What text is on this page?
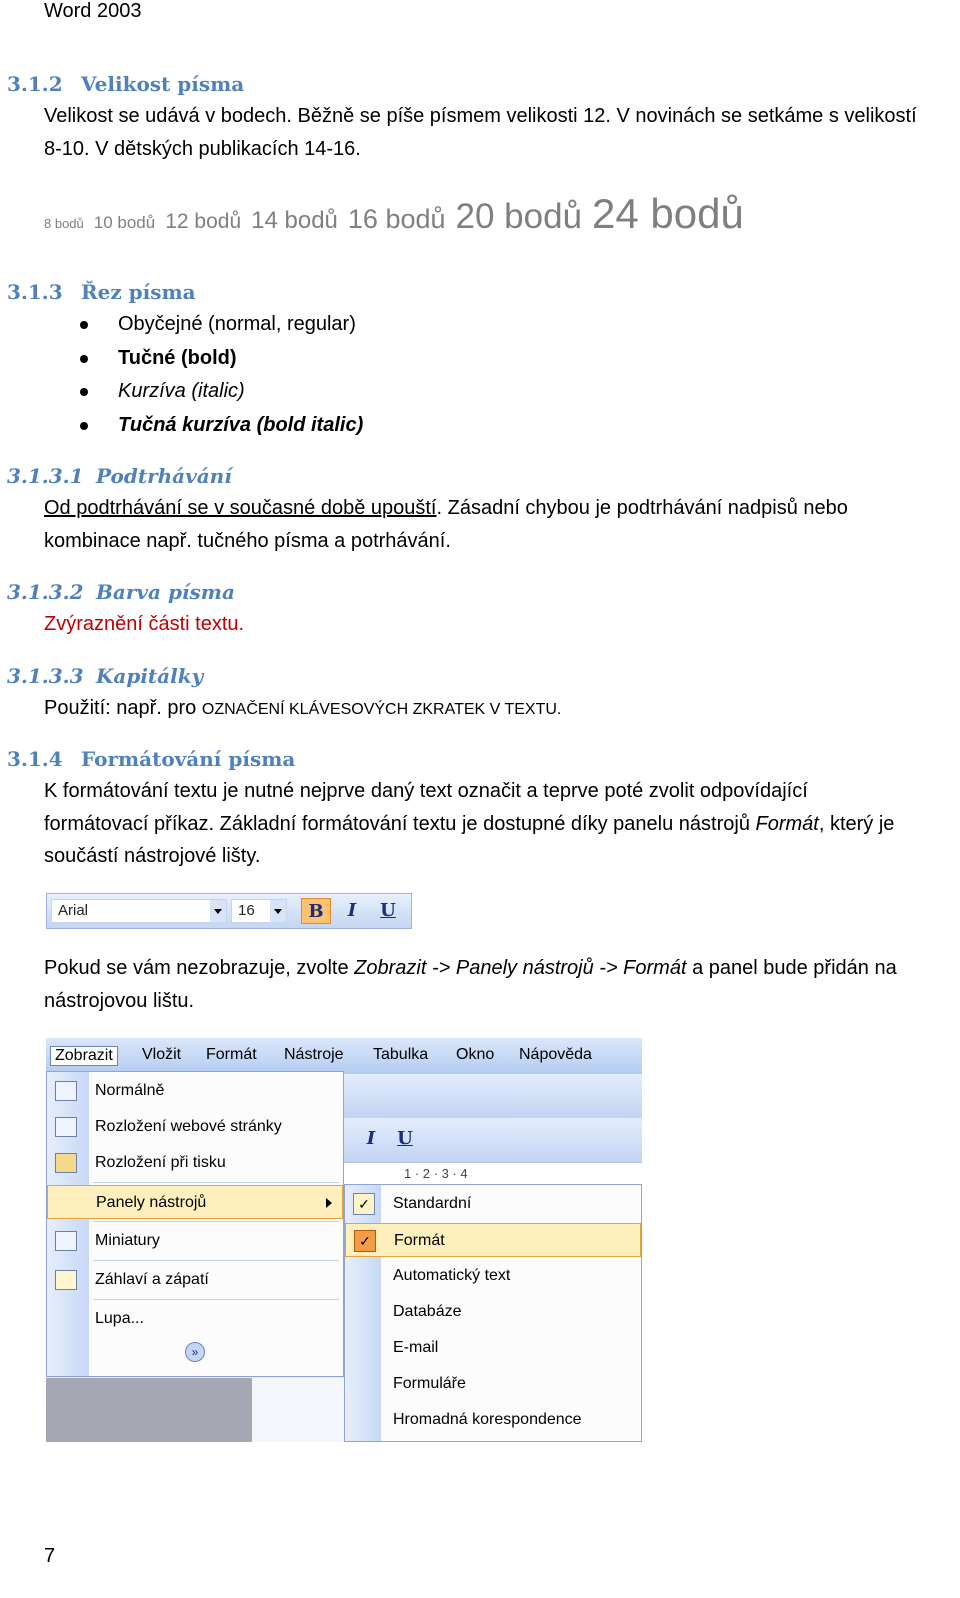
Word 2003
3.1.2 Velikost písma
Velikost se udává v bodech. Běžně se píše písmem velikosti 12. V novinách se setkáme s velikostí
8-10. V dětských publikacích 14-16.
8 bodů 10 bodů 12 bodů 14 bodů 16 bodů 20 bodů 24 bodů
3.1.3 Řez písma
Obyčejné (normal, regular)
Tučné (bold)
Kurzíva (italic)
Tučná kurzíva (bold italic)
3.1.3.1 Podtrhávání
Od podtrhávání se v současné době upouští. Zásadní chybou je podtrhávání nadpisů nebo
kombinace např. tučného písma a potrhávání.
3.1.3.2 Barva písma
Zvýraznění části textu.
3.1.3.3 Kapitálky
Použití: např. pro OZNAČENÍ KLÁVESOVÝCH ZKRATEK V TEXTU.
3.1.4 Formátování písma
K formátování textu je nutné nejprve daný text označit a teprve poté zvolit odpovídající
formátovací příkaz. Základní formátování textu je dostupné díky panelu nástrojů Formát, který je
součástí nástrojové lišty.
Arial	16	B	I	U
Pokud se vám nezobrazuje, zvolte Zobrazit -> Panely nástrojů -> Formát a panel bude přidán na
nástrojovou lištu.
Zobrazit	Vložit Formát Nástroje Tabulka Okno Nápověda
I	U
1 · 2 · 3 · 4
Normálně
Rozložení webové stránky
Rozložení při tisku
Panely nástrojů
Miniatury
Záhlaví a zápatí
Lupa...
»
✓	Standardní
✓	Formát
Automatický text
Databáze
E-mail
Formuláře
Hromadná korespondence
7
